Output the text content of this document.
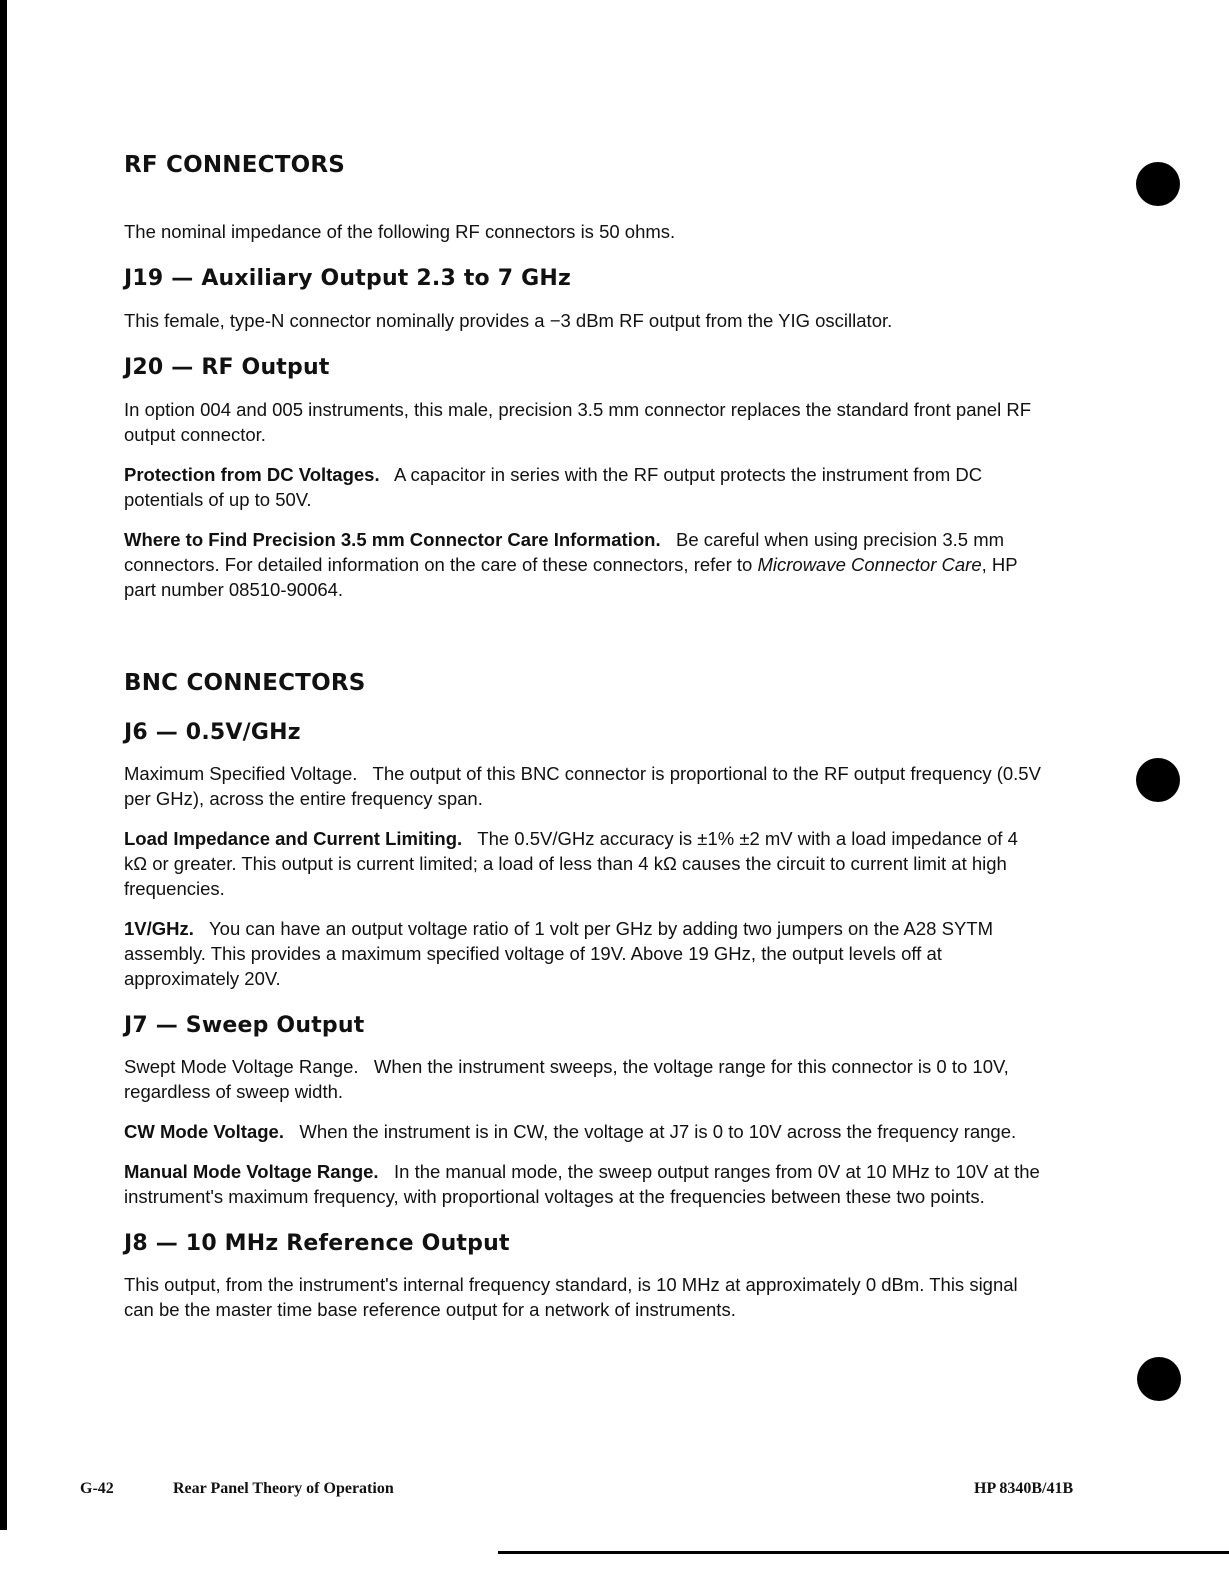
RF CONNECTORS

The nominal impedance of the following RF connectors is 50 ohms.

J19 — Auxiliary Output 2.3 to 7 GHz

This female, type-N connector nominally provides a −3 dBm RF output from the YIG oscillator.

J20 — RF Output

In option 004 and 005 instruments, this male, precision 3.5 mm connector replaces the standard front panel RF output connector.

Protection from DC Voltages. A capacitor in series with the RF output protects the instrument from DC potentials of up to 50V.

Where to Find Precision 3.5 mm Connector Care Information. Be careful when using precision 3.5 mm connectors. For detailed information on the care of these connectors, refer to Microwave Connector Care, HP part number 08510-90064.

BNC CONNECTORS
J6 — 0.5V/GHz

Maximum Specified Voltage. The output of this BNC connector is proportional to the RF output frequency (0.5V per GHz), across the entire frequency span.

Load Impedance and Current Limiting. The 0.5V/GHz accuracy is ±1% ±2 mV with a load impedance of 4 kΩ or greater. This output is current limited; a load of less than 4 kΩ causes the circuit to current limit at high frequencies.

1V/GHz. You can have an output voltage ratio of 1 volt per GHz by adding two jumpers on the A28 SYTM assembly. This provides a maximum specified voltage of 19V. Above 19 GHz, the output levels off at approximately 20V.

J7 — Sweep Output

Swept Mode Voltage Range. When the instrument sweeps, the voltage range for this connector is 0 to 10V, regardless of sweep width.

CW Mode Voltage. When the instrument is in CW, the voltage at J7 is 0 to 10V across the frequency range.

Manual Mode Voltage Range. In the manual mode, the sweep output ranges from 0V at 10 MHz to 10V at the instrument's maximum frequency, with proportional voltages at the frequencies between these two points.

J8 — 10 MHz Reference Output

This output, from the instrument's internal frequency standard, is 10 MHz at approximately 0 dBm. This signal can be the master time base reference output for a network of instruments.

G-42	Rear Panel Theory of Operation	HP 8340B/41B
